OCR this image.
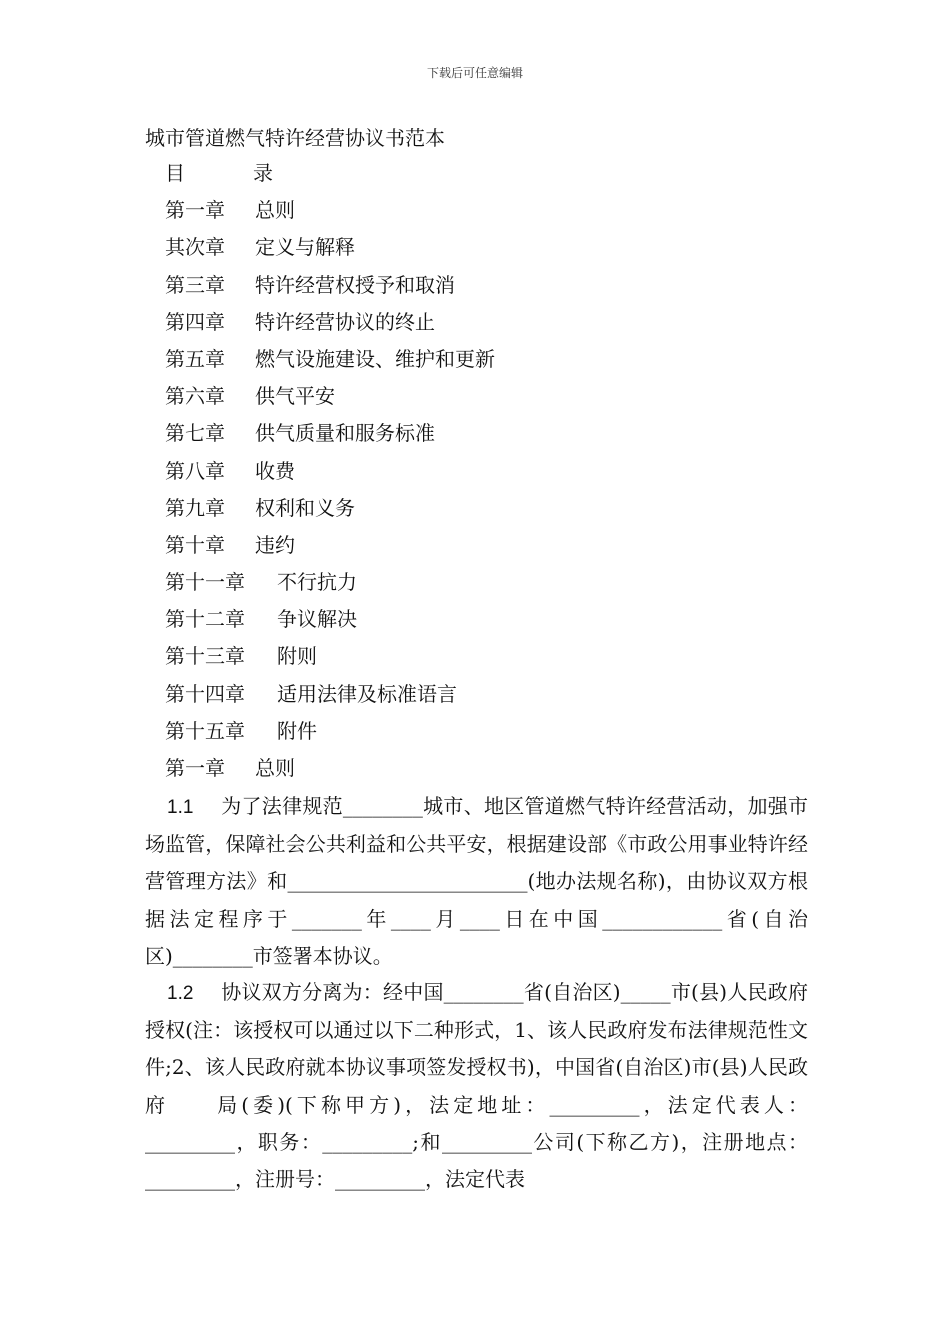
下载后可任意编辑
城市管道燃气特许经营协议书范本
目	录
第一章 总则
其次章 定义与解释
第三章 特许经营权授予和取消
第四章 特许经营协议的终止
第五章 燃气设施建设、维护和更新
第六章 供气平安
第七章 供气质量和服务标准
第八章 收费
第九章 权利和义务
第十章 违约
第十一章 不行抗力
第十二章 争议解决
第十三章 附则
第十四章 适用法律及标准语言
第十五章 附件
第一章 总则

1.1 为了法律规范________城市、地区管道燃气特许经营活动，加强市场监管，保障社会公共利益和公共平安，根据建设部《市政公用事业特许经营管理方法》和________________________(地办法规名称)，由协议双方根据法定程序于_______年____月____日在中国____________省(自治区)________市签署本协议。

1.2 协议双方分离为：经中国________省(自治区)_____市(县)人民政府授权(注：该授权可以通过以下二种形式，1、该人民政府发布法律规范性文件;2、该人民政府就本协议事项签发授权书)，中国省(自治区)市(县)人民政府　　局(委)(下称甲方)，法定地址：_________，法定代表人：_________，职务：_________;和_________公司(下称乙方)，注册地点：_________，注册号：_________，法定代表
